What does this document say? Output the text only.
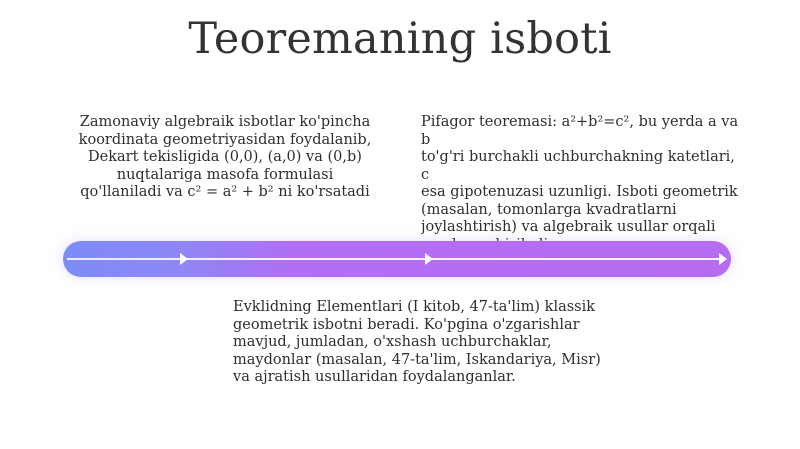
Teoremaning isboti

Zamonaviy algebraik isbotlar ko'pincha
koordinata geometriyasidan foydalanib,
Dekart tekisligida (0,0), (a,0) va (0,b)
nuqtalariga masofa formulasi
qo'llaniladi va c² = a² + b² ni ko'rsatadi

Pifagor teoremasi: a²+b²=c², bu yerda a va b
to'g'ri burchakli uchburchakning katetlari, c
esa gipotenuzasi uzunligi. Isboti geometrik
(masalan, tomonlarga kvadratlarni
joylashtirish) va algebraik usullar orqali

Evklidning Elementlari (I kitob, 47-ta'lim) klassik
geometrik isbotni beradi. Ko'pgina o'zgarishlar
mavjud, jumladan, o'xshash uchburchaklar,
maydonlar (masalan, 47-ta'lim, Iskandariya, Misr)
va ajratish usullaridan foydalanganlar.
